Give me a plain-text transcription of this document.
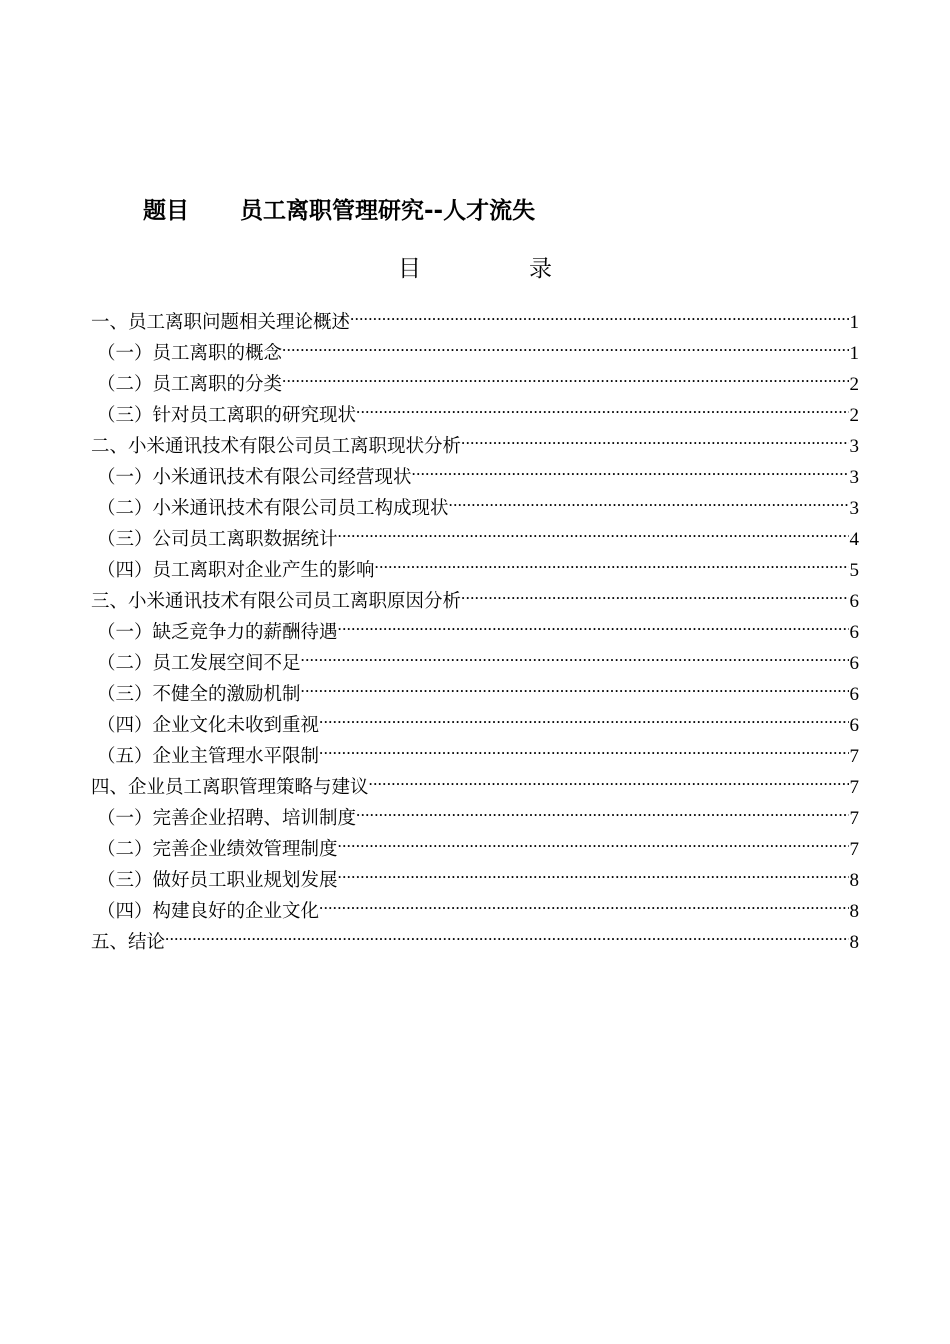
题目 员工离职管理研究--人才流失
目	录
一、员工离职问题相关理论概述 .....	1
（一）员工离职的概念 .....	1
（二）员工离职的分类 .....	2
（三）针对员工离职的研究现状 .....	2
二、小米通讯技术有限公司员工离职现状分析 .....	3
（一）小米通讯技术有限公司经营现状 .....	3
（二）小米通讯技术有限公司员工构成现状 .....	3
（三）公司员工离职数据统计 .....	4
（四）员工离职对企业产生的影响 .....	5
三、小米通讯技术有限公司员工离职原因分析 .....	6
（一）缺乏竞争力的薪酬待遇 .....	6
（二）员工发展空间不足 .....	6
（三）不健全的激励机制 .....	6
（四）企业文化未收到重视 .....	6
（五）企业主管理水平限制 .....	7
四、企业员工离职管理策略与建议 .....	7
（一）完善企业招聘、培训制度 .....	7
（二）完善企业绩效管理制度 .....	7
（三）做好员工职业规划发展 .....	8
（四）构建良好的企业文化 .....	8
五、结论 .....	8
